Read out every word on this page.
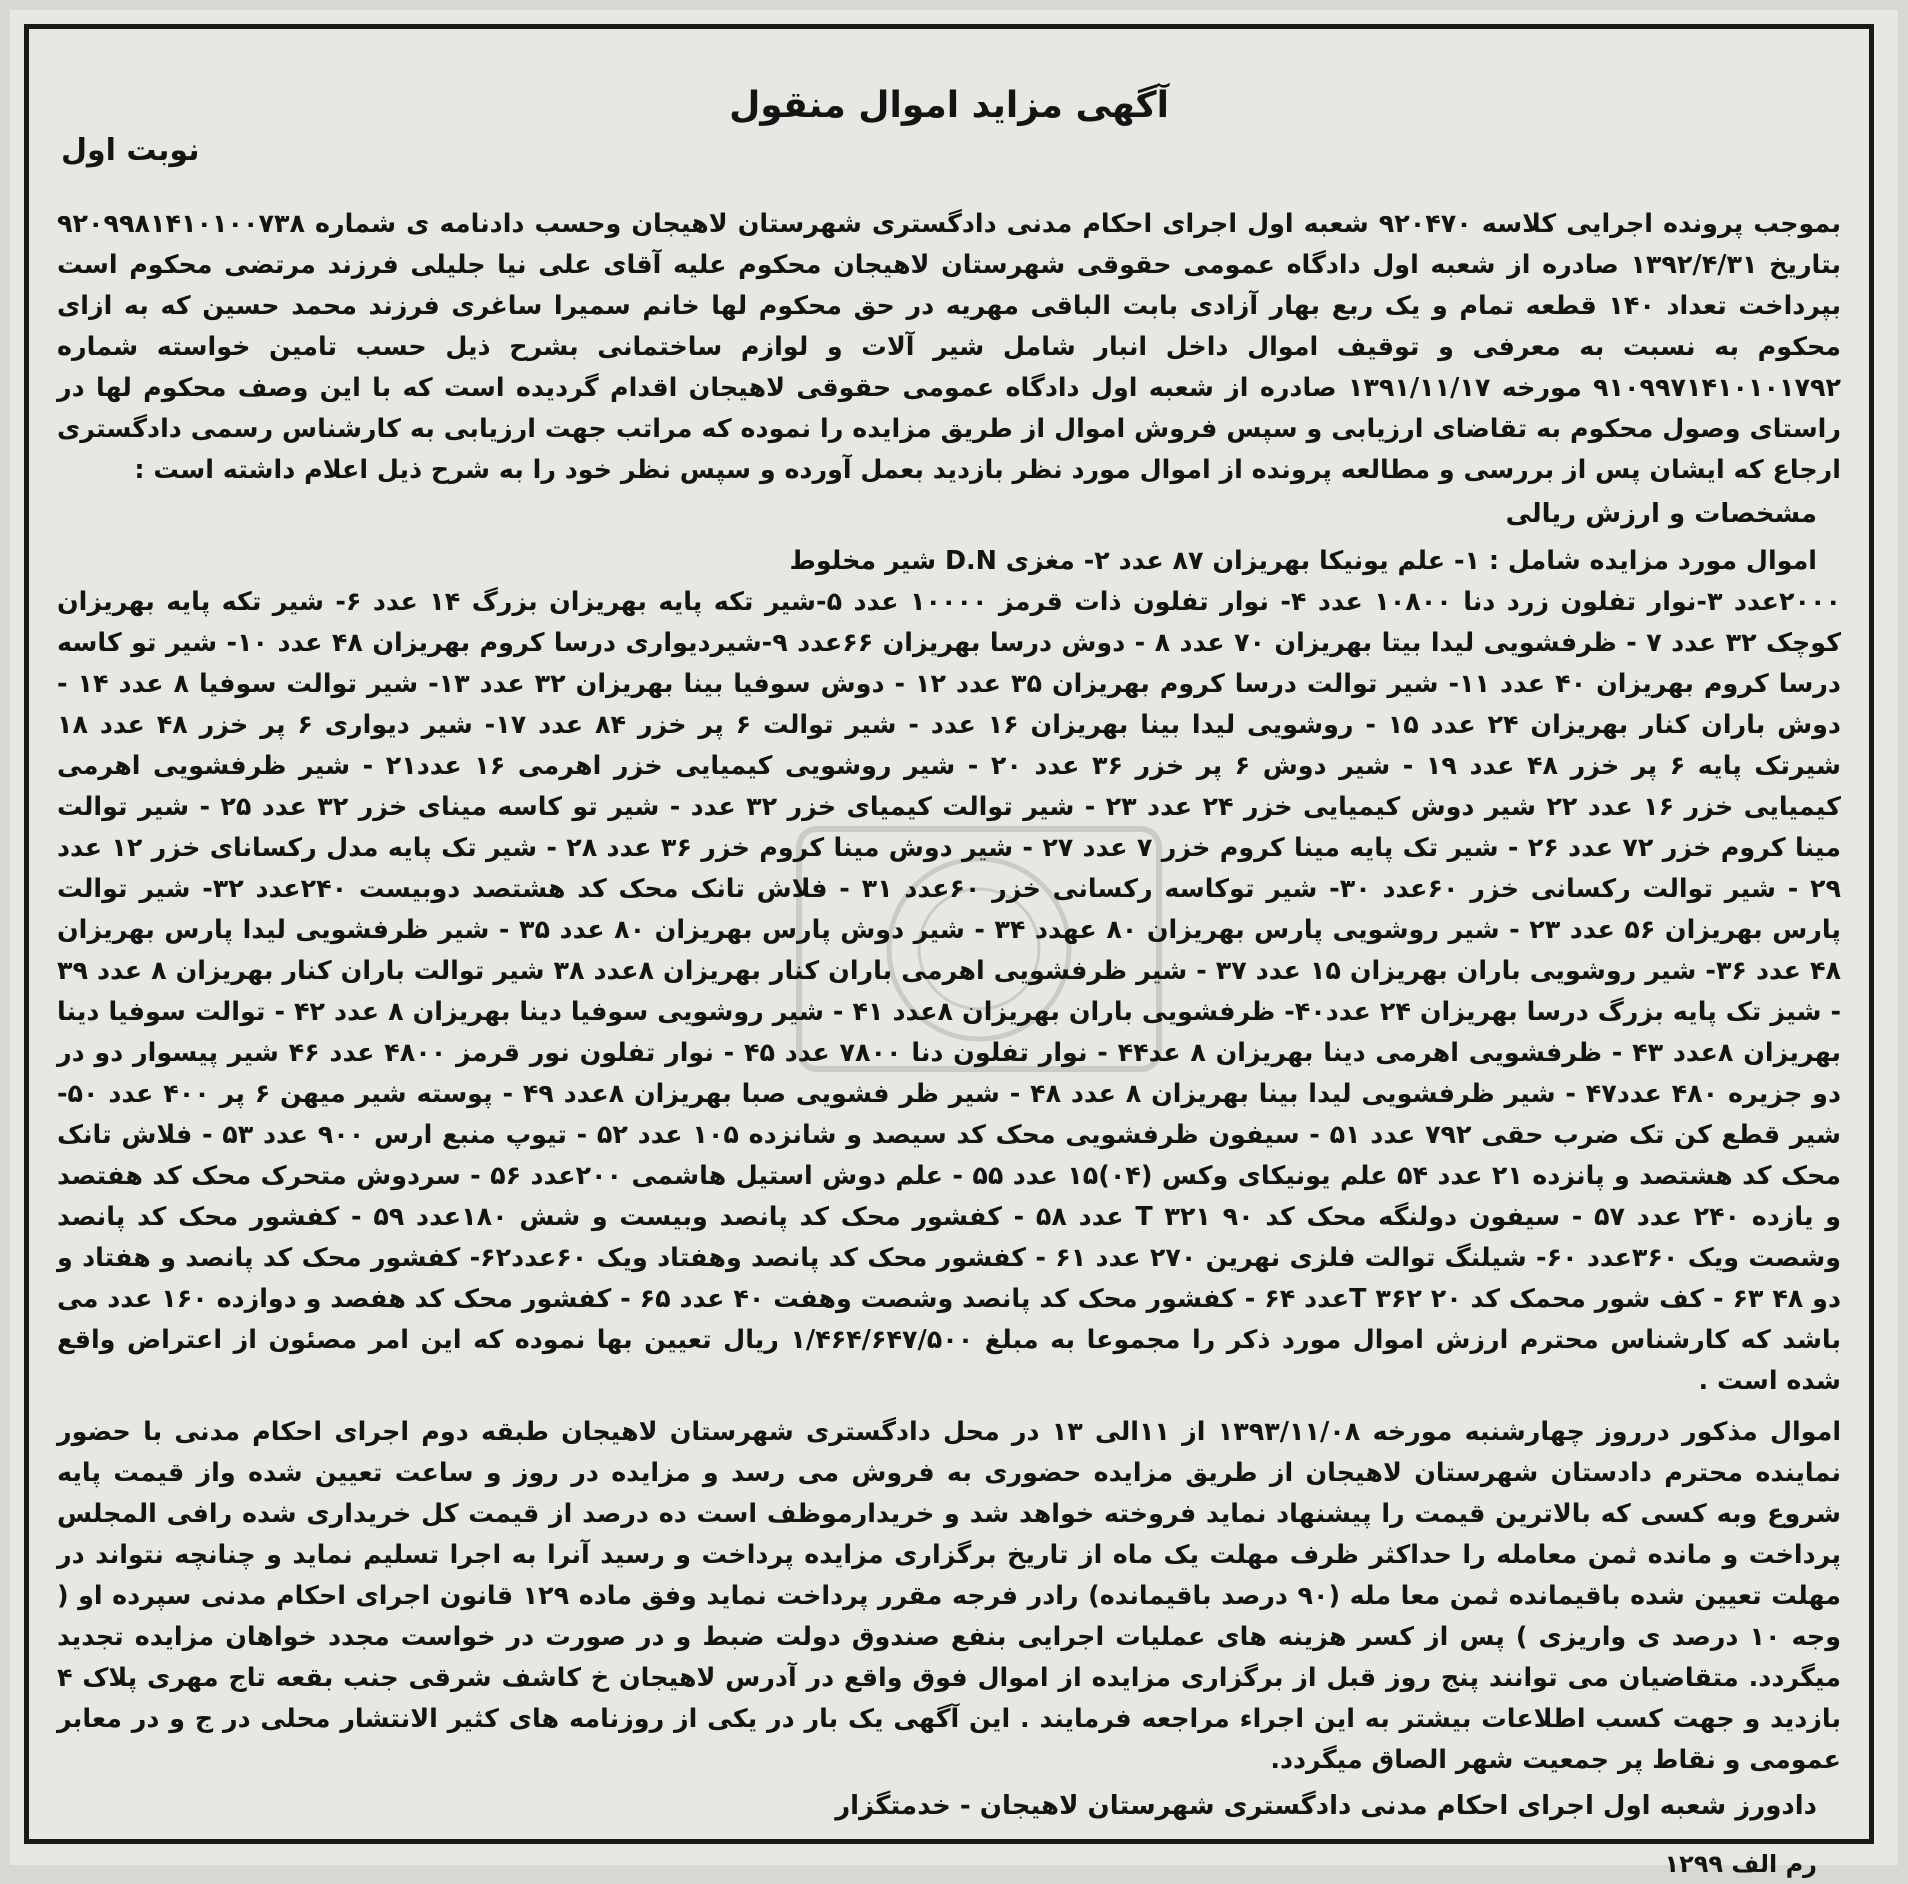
آگهی مزاید اموال منقول
نوبت اول

بموجب پرونده اجرایی کلاسه ۹۲۰۴۷۰ شعبه اول اجرای احکام مدنی دادگستری شهرستان لاهیجان وحسب دادنامه ی شماره ۹۲۰۹۹۸۱۴۱۰۱۰۰۷۳۸ بتاریخ ۱۳۹۲/۴/۳۱ صادره از شعبه اول دادگاه عمومی حقوقی شهرستان لاهیجان محکوم علیه آقای علی نیا جلیلی فرزند مرتضی محکوم است بپرداخت تعداد ۱۴۰ قطعه تمام و یک ربع بهار آزادی بابت الباقی مهریه در حق محکوم لها خانم سمیرا ساغری فرزند محمد حسین که به ازای محکوم به نسبت به معرفی و توقیف اموال داخل انبار شامل شیر آلات و لوازم ساختمانی بشرح ذیل حسب تامین خواسته شماره ۹۱۰۹۹۷۱۴۱۰۱۰۱۷۹۲ مورخه ۱۳۹۱/۱۱/۱۷ صادره از شعبه اول دادگاه عمومی حقوقی لاهیجان اقدام گردیده است که با این وصف محکوم لها در راستای وصول محکوم به تقاضای ارزیابی و سپس فروش اموال از طریق مزایده را نموده که مراتب جهت ارزیابی به کارشناس رسمی دادگستری ارجاع که ایشان پس از بررسی و مطالعه پرونده از اموال مورد نظر بازدید بعمل آورده و سپس نظر خود را به شرح ذیل اعلام داشته است :

مشخصات و ارزش ریالی
اموال مورد مزایده شامل : ۱- علم یونیکا بهریزان ۸۷ عدد ۲- مغزی D.N شیر مخلوط

۲۰۰۰عدد ۳-نوار تفلون زرد دنا ۱۰۸۰۰ عدد ۴- نوار تفلون ذات قرمز ۱۰۰۰۰ عدد ۵-شیر تکه پایه بهریزان بزرگ ۱۴ عدد ۶- شیر تکه پایه بهریزان کوچک ۳۲ عدد ۷ - ظرفشویی لیدا بیتا بهریزان ۷۰ عدد ۸ - دوش درسا بهریزان ۶۶عدد ۹-شیردیواری درسا کروم بهریزان ۴۸ عدد ۱۰- شیر تو کاسه درسا کروم بهریزان ۴۰ عدد ۱۱- شیر توالت درسا کروم بهریزان ۳۵ عدد ۱۲ - دوش سوفیا بینا بهریزان ۳۲ عدد ۱۳- شیر توالت سوفیا ۸ عدد ۱۴ - دوش باران کنار بهریزان ۲۴ عدد ۱۵ - روشویی لیدا بینا بهریزان ۱۶ عدد - شیر توالت ۶ پر خزر ۸۴ عدد ۱۷- شیر دیواری ۶ پر خزر ۴۸ عدد ۱۸ شیرتک پایه ۶ پر خزر ۴۸ عدد ۱۹ - شیر دوش ۶ پر خزر ۳۶ عدد ۲۰ - شیر روشویی کیمیایی خزر اهرمی ۱۶ عدد۲۱ - شیر ظرفشویی اهرمی کیمیایی خزر ۱۶ عدد ۲۲ شیر دوش کیمیایی خزر ۲۴ عدد ۲۳ - شیر توالت کیمیای خزر ۳۲ عدد - شیر تو کاسه مینای خزر ۳۲ عدد ۲۵ - شیر توالت مینا کروم خزر ۷۲ عدد ۲۶ - شیر تک پایه مینا کروم خزر ۷ عدد ۲۷ - شیر دوش مینا کروم خزر ۳۶ عدد ۲۸ - شیر تک پایه مدل رکسانای خزر ۱۲ عدد ۲۹ - شیر توالت رکسانی خزر ۶۰عدد ۳۰- شیر توکاسه رکسانی خزر ۶۰عدد ۳۱ - فلاش تانک محک کد هشتصد دوبیست ۲۴۰عدد ۳۲- شیر توالت پارس بهریزان ۵۶ عدد ۲۳ - شیر روشویی پارس بهریزان ۸۰ عهدد ۳۴ - شیر دوش پارس بهریزان ۸۰ عدد ۳۵ - شیر ظرفشویی لیدا پارس بهریزان ۴۸ عدد ۳۶- شیر روشویی باران بهریزان ۱۵ عدد ۳۷ - شیر ظرفشویی اهرمی باران کنار بهریزان ۸عدد ۳۸ شیر توالت باران کنار بهریزان ۸ عدد ۳۹ - شیز تک پایه بزرگ درسا بهریزان ۲۴ عدد۴۰- ظرفشویی باران بهریزان ۸عدد ۴۱ - شیر روشویی سوفیا دینا بهریزان ۸ عدد ۴۲ - توالت سوفیا دینا بهریزان ۸عدد ۴۳ - ظرفشویی اهرمی دینا بهریزان ۸ عد۴۴ - نوار تفلون دنا ۷۸۰۰ عدد ۴۵ - نوار تفلون نور قرمز ۴۸۰۰ عدد ۴۶ شیر پیسوار دو در دو جزیره ۴۸۰ عدد۴۷ - شیر ظرفشویی لیدا بینا بهریزان ۸ عدد ۴۸ - شیر ظر فشویی صبا بهریزان ۸عدد ۴۹ - پوسته شیر میهن ۶ پر ۴۰۰ عدد ۵۰- شیر قطع کن تک ضرب حقی ۷۹۲ عدد ۵۱ - سیفون ظرفشویی محک کد سیصد و شانزده ۱۰۵ عدد ۵۲ - تیوپ منبع ارس ۹۰۰ عدد ۵۳ - فلاش تانک محک کد هشتصد و پانزده ۲۱ عدد ۵۴ علم یونیکای وکس (۰۴)۱۵ عدد ۵۵ - علم دوش استیل هاشمی ۲۰۰عدد ۵۶ - سردوش متحرک محک کد هفتصد و یازده ۲۴۰ عدد ۵۷ - سیفون دولنگه محک کد T ۳۲۱ ۹۰ عدد ۵۸ - کفشور محک کد پانصد وبیست و شش ۱۸۰عدد ۵۹ - کفشور محک کد پانصد وشصت ویک ۳۶۰عدد ۶۰- شیلنگ توالت فلزی نهرین ۲۷۰ عدد ۶۱ - کفشور محک کد پانصد وهفتاد ویک ۶۰عدد۶۲- کفشور محک کد پانصد و هفتاد و دو ۴۸ ۶۳ - کف شور محمک کد T ۳۶۲ ۲۰عدد ۶۴ - کفشور محک کد پانصد وشصت وهفت ۴۰ عدد ۶۵ - کفشور محک کد هفصد و دوازده ۱۶۰ عدد می باشد که کارشناس محترم ارزش اموال مورد ذکر را مجموعا به مبلغ ۱/۴۶۴/۶۴۷/۵۰۰ ریال تعیین بها نموده که این امر مصئون از اعتراض واقع شده است .

اموال مذکور درروز چهارشنبه مورخه ۱۳۹۳/۱۱/۰۸ از ۱۱الی ۱۳ در محل دادگستری شهرستان لاهیجان طبقه دوم اجرای احکام مدنی با حضور نماینده محترم دادستان شهرستان لاهیجان از طریق مزایده حضوری به فروش می رسد و مزایده در روز و ساعت تعیین شده واز قیمت پایه شروع وبه کسی که بالاترین قیمت را پیشنهاد نماید فروخته خواهد شد و خریدارموظف است ده درصد از قیمت کل خریداری شده رافی المجلس پرداخت و مانده ثمن معامله را حداکثر ظرف مهلت یک ماه از تاریخ برگزاری مزایده پرداخت و رسید آنرا به اجرا تسلیم نماید و چنانچه نتواند در مهلت تعیین شده باقیمانده ثمن معا مله (۹۰ درصد باقیمانده) رادر فرجه مقرر پرداخت نماید وفق ماده ۱۲۹ قانون اجرای احکام مدنی سپرده او ( وجه ۱۰ درصد ی واریزی ) پس از کسر هزینه های عملیات اجرایی بنفع صندوق دولت ضبط و در صورت در خواست مجدد خواهان مزایده تجدید میگردد. متقاضیان می توانند پنج روز قبل از برگزاری مزایده از اموال فوق واقع در آدرس لاهیجان خ کاشف شرقی جنب بقعه تاج مهری پلاک ۴ بازدید و جهت کسب اطلاعات بیشتر به این اجراء مراجعه فرمایند . این آگهی یک بار در یکی از روزنامه های کثیر الانتشار محلی در ج و در معابر عمومی و نقاط پر جمعیت شهر الصاق میگردد.

دادورز شعبه اول اجرای احکام مدنی دادگستری شهرستان لاهیجان - خدمتگزار
رم الف ۱۲۹۹
